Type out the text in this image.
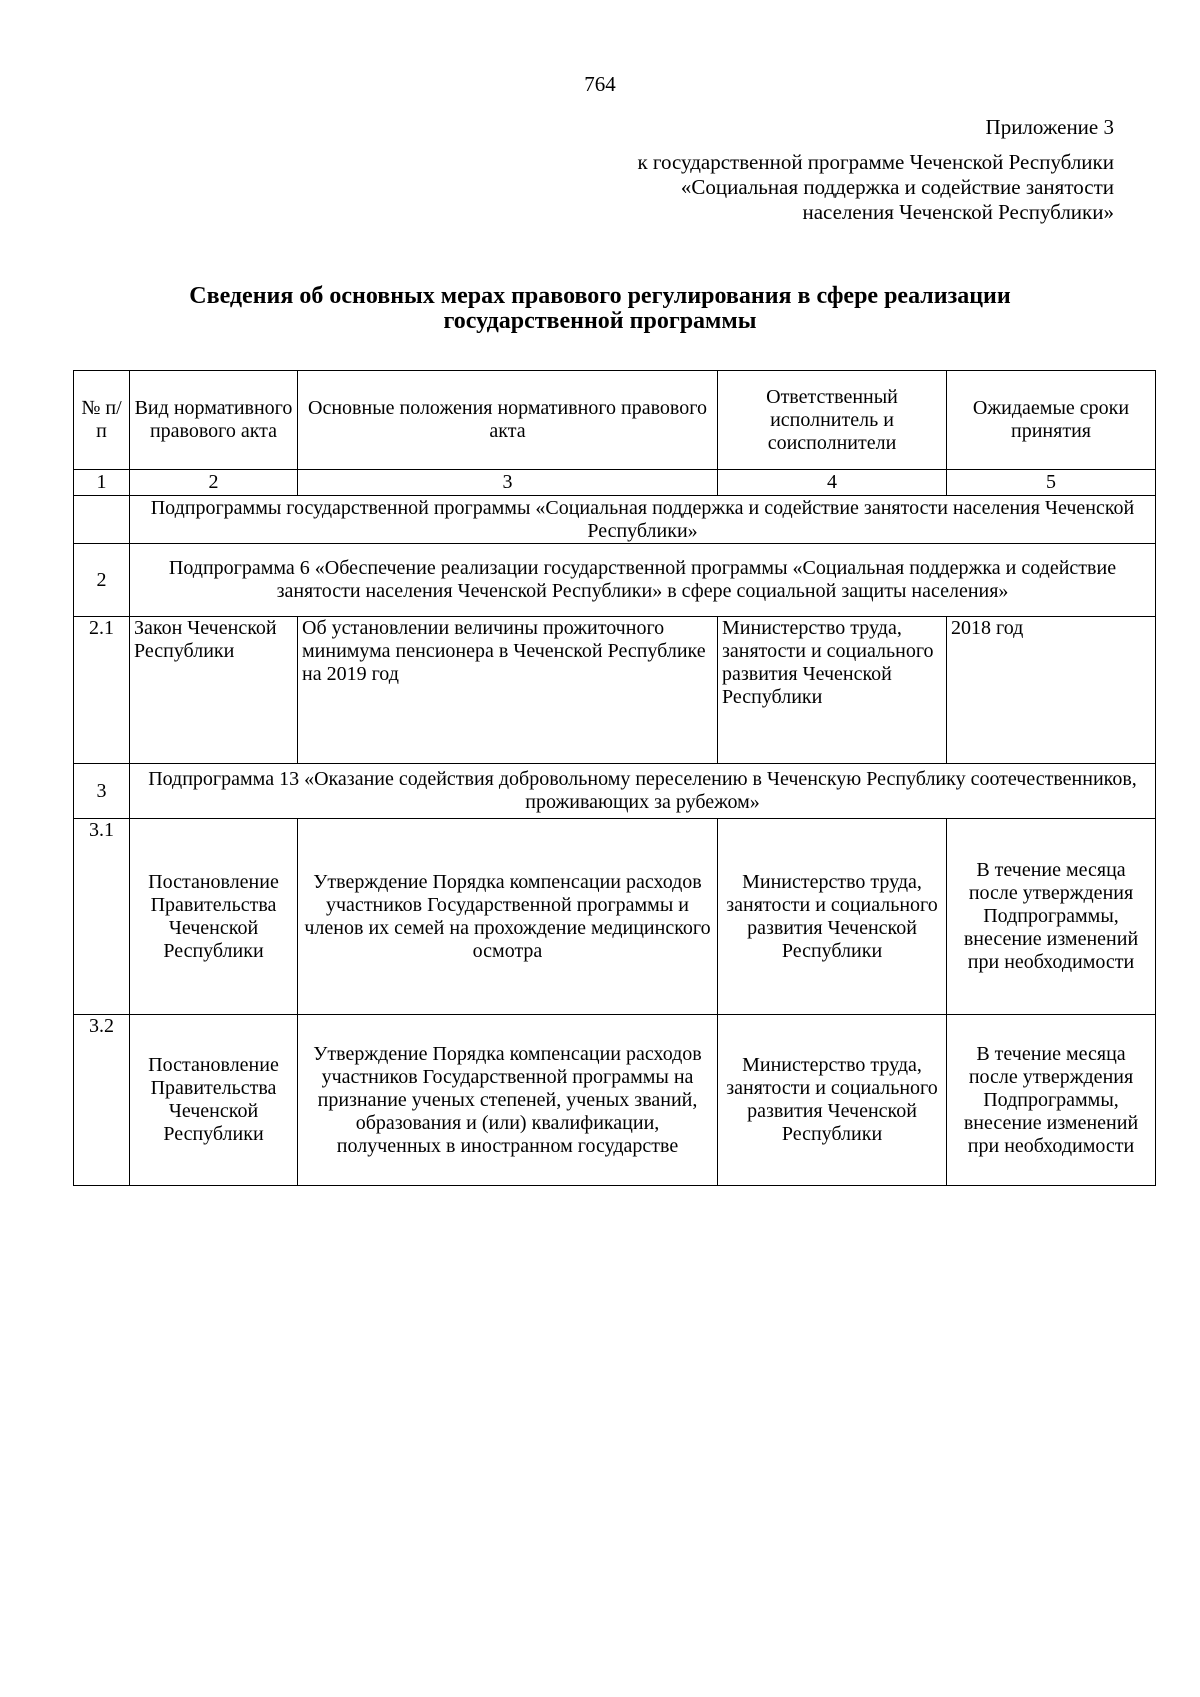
764
Приложение 3
к государственной программе Чеченской Республики
«Социальная поддержка и содействие занятости
населения Чеченской Республики»
Сведения об основных мерах правового регулирования в сфере реализации
государственной программы
№ п/п	Вид нормативного правового акта	Основные положения нормативного правового акта	Ответственный исполнитель и соисполнители	Ожидаемые сроки принятия
1	2	3	4	5
	Подпрограммы государственной программы «Социальная поддержка и содействие занятости населения Чеченской Республики»			
2	Подпрограмма 6 «Обеспечение реализации государственной программы «Социальная поддержка и содействие занятости населения Чеченской Республики» в сфере социальной защиты населения»			
2.1	Закон Чеченской Республики	Об установлении величины прожиточного минимума пенсионера в Чеченской Республике на 2019 год	Министерство труда, занятости и социального развития Чеченской Республики	2018 год
3	Подпрограмма 13 «Оказание содействия добровольному переселению в Чеченскую Республику соотечественников, проживающих за рубежом»			
3.1	Постановление Правительства Чеченской Республики	Утверждение Порядка компенсации расходов участников Государственной программы и членов их семей на прохождение медицинского осмотра	Министерство труда, занятости и социального развития Чеченской Республики	В течение месяца после утверждения Подпрограммы, внесение изменений при необходимости
3.2	Постановление Правительства Чеченской Республики	Утверждение Порядка компенсации расходов участников Государственной программы на признание ученых степеней, ученых званий, образования и (или) квалификации, полученных в иностранном государстве	Министерство труда, занятости и социального развития Чеченской Республики	В течение месяца после утверждения Подпрограммы, внесение изменений при необходимости
